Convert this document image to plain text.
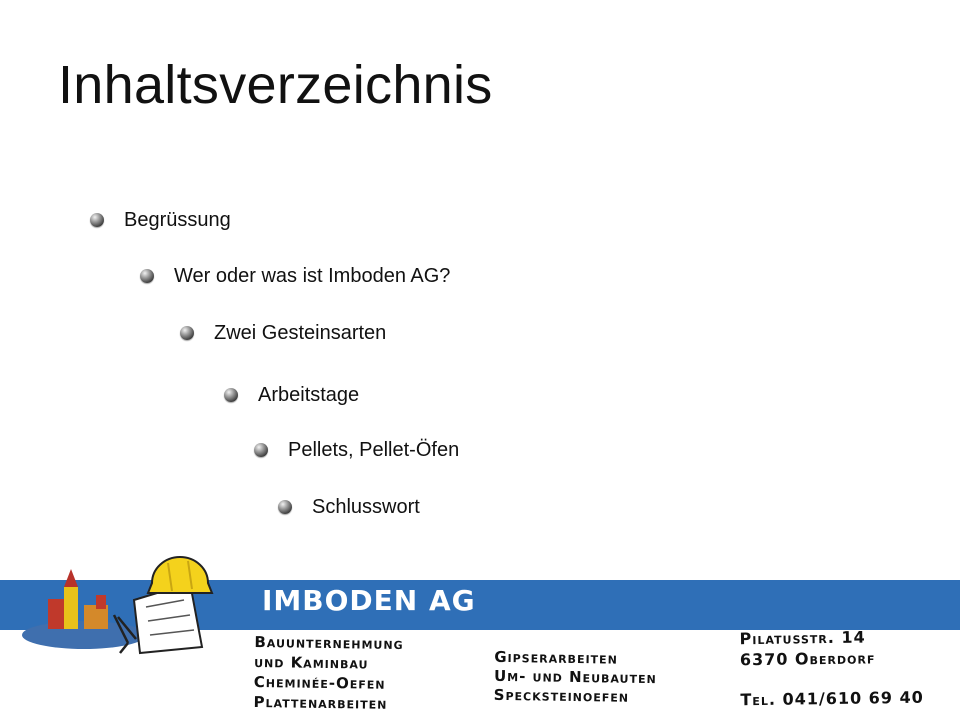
Inhaltsverzeichnis
Begrüssung
Wer oder was ist Imboden AG?
Zwei Gesteinsarten
Arbeitstage
Pellets, Pellet-Öfen
Schlusswort
IMBODEN AG
Bauunternehmung
und Kaminbau
Cheminée-Oefen
Plattenarbeiten
Gipserarbeiten
Um- und Neubauten
Specksteinoefen
Pilatusstr. 14
6370 Oberdorf
Tel. 041/610 69 40
